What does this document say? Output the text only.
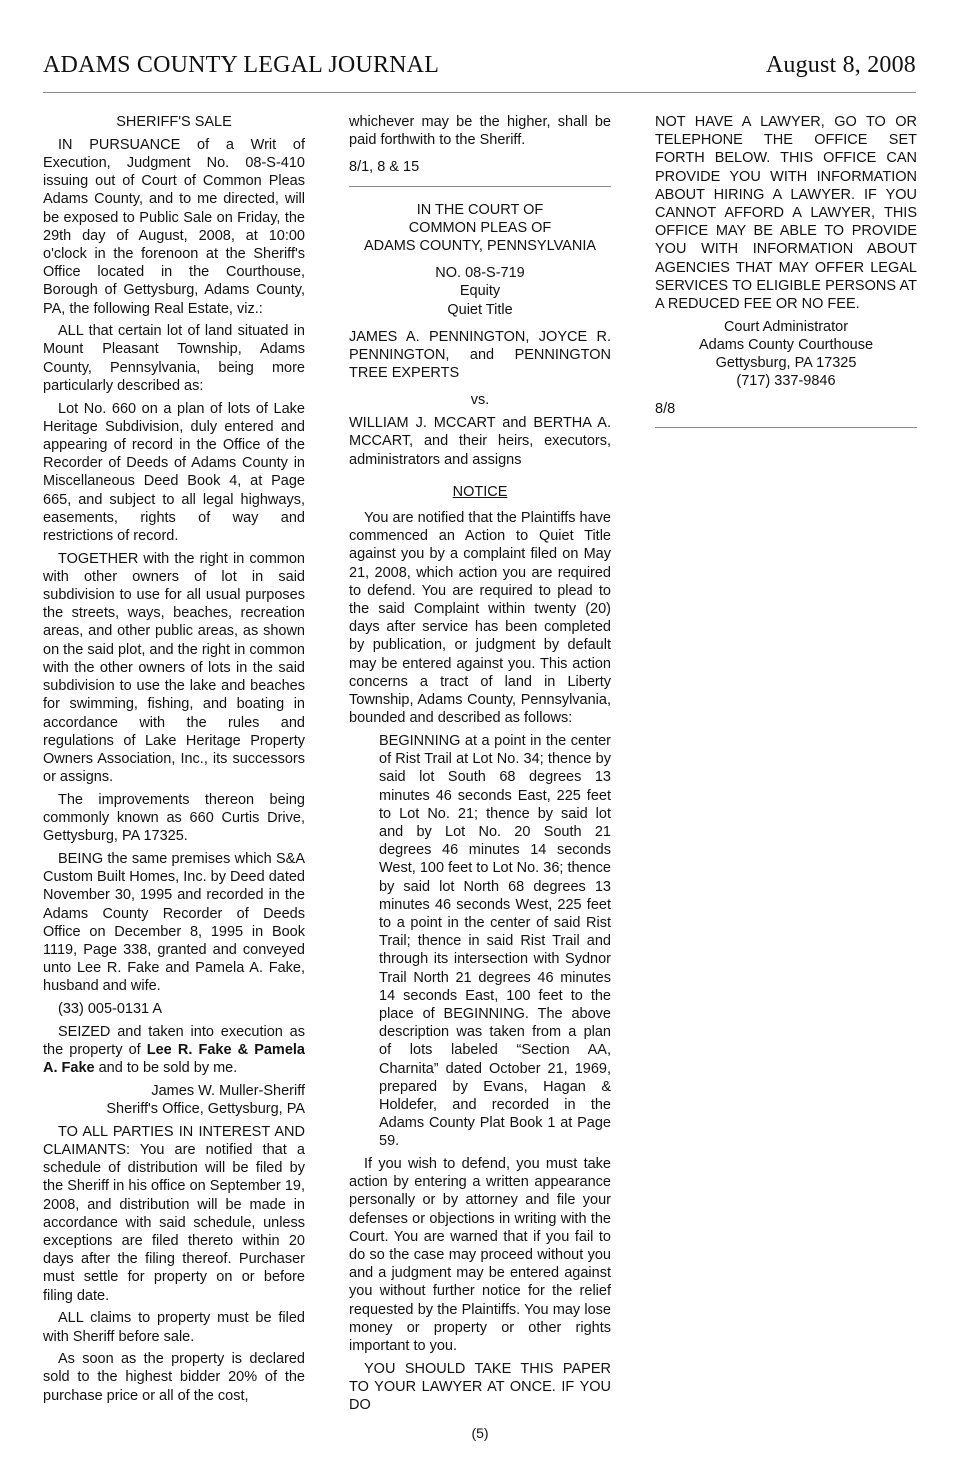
ADAMS COUNTY LEGAL JOURNAL	August 8, 2008

SHERIFF'S SALE

IN PURSUANCE of a Writ of Execution, Judgment No. 08-S-410 issuing out of Court of Common Pleas Adams County, and to me directed, will be exposed to Public Sale on Friday, the 29th day of August, 2008, at 10:00 o'clock in the forenoon at the Sheriff's Office located in the Courthouse, Borough of Gettysburg, Adams County, PA, the following Real Estate, viz.:

ALL that certain lot of land situated in Mount Pleasant Township, Adams County, Pennsylvania, being more particularly described as:

Lot No. 660 on a plan of lots of Lake Heritage Subdivision, duly entered and appearing of record in the Office of the Recorder of Deeds of Adams County in Miscellaneous Deed Book 4, at Page 665, and subject to all legal highways, easements, rights of way and restrictions of record.

TOGETHER with the right in common with other owners of lot in said subdivision to use for all usual purposes the streets, ways, beaches, recreation areas, and other public areas, as shown on the said plot, and the right in common with the other owners of lots in the said subdivision to use the lake and beaches for swimming, fishing, and boating in accordance with the rules and regulations of Lake Heritage Property Owners Association, Inc., its successors or assigns.

The improvements thereon being commonly known as 660 Curtis Drive, Gettysburg, PA 17325.

BEING the same premises which S&A Custom Built Homes, Inc. by Deed dated November 30, 1995 and recorded in the Adams County Recorder of Deeds Office on December 8, 1995 in Book 1119, Page 338, granted and conveyed unto Lee R. Fake and Pamela A. Fake, husband and wife.

(33) 005-0131 A

SEIZED and taken into execution as the property of Lee R. Fake & Pamela A. Fake and to be sold by me.

James W. Muller-Sheriff

Sheriff's Office, Gettysburg, PA

TO ALL PARTIES IN INTEREST AND CLAIMANTS: You are notified that a schedule of distribution will be filed by the Sheriff in his office on September 19, 2008, and distribution will be made in accordance with said schedule, unless exceptions are filed thereto within 20 days after the filing thereof. Purchaser must settle for property on or before filing date.

ALL claims to property must be filed with Sheriff before sale.

As soon as the property is declared sold to the highest bidder 20% of the purchase price or all of the cost,

whichever may be the higher, shall be paid forthwith to the Sheriff.

8/1, 8 & 15

IN THE COURT OF

COMMON PLEAS OF

ADAMS COUNTY, PENNSYLVANIA

NO. 08-S-719

Equity

Quiet Title

JAMES A. PENNINGTON, JOYCE R. PENNINGTON, and PENNINGTON TREE EXPERTS

vs.

WILLIAM J. MCCART and BERTHA A. MCCART, and their heirs, executors, administrators and assigns

NOTICE

You are notified that the Plaintiffs have commenced an Action to Quiet Title against you by a complaint filed on May 21, 2008, which action you are required to defend. You are required to plead to the said Complaint within twenty (20) days after service has been completed by publication, or judgment by default may be entered against you. This action concerns a tract of land in Liberty Township, Adams County, Pennsylvania, bounded and described as follows:

BEGINNING at a point in the center of Rist Trail at Lot No. 34; thence by said lot South 68 degrees 13 minutes 46 seconds East, 225 feet to Lot No. 21; thence by said lot and by Lot No. 20 South 21 degrees 46 minutes 14 seconds West, 100 feet to Lot No. 36; thence by said lot North 68 degrees 13 minutes 46 seconds West, 225 feet to a point in the center of said Rist Trail; thence in said Rist Trail and through its intersection with Sydnor Trail North 21 degrees 46 minutes 14 seconds East, 100 feet to the place of BEGINNING. The above description was taken from a plan of lots labeled “Section AA, Charnita” dated October 21, 1969, prepared by Evans, Hagan & Holdefer, and recorded in the Adams County Plat Book 1 at Page 59.

If you wish to defend, you must take action by entering a written appearance personally or by attorney and file your defenses or objections in writing with the Court. You are warned that if you fail to do so the case may proceed without you and a judgment may be entered against you without further notice for the relief requested by the Plaintiffs. You may lose money or property or other rights important to you.

YOU SHOULD TAKE THIS PAPER TO YOUR LAWYER AT ONCE. IF YOU DO

NOT HAVE A LAWYER, GO TO OR TELEPHONE THE OFFICE SET FORTH BELOW. THIS OFFICE CAN PROVIDE YOU WITH INFORMATION ABOUT HIRING A LAWYER. IF YOU CANNOT AFFORD A LAWYER, THIS OFFICE MAY BE ABLE TO PROVIDE YOU WITH INFORMATION ABOUT AGENCIES THAT MAY OFFER LEGAL SERVICES TO ELIGIBLE PERSONS AT A REDUCED FEE OR NO FEE.

Court Administrator

Adams County Courthouse

Gettysburg, PA 17325

(717) 337-9846

8/8

(5)
